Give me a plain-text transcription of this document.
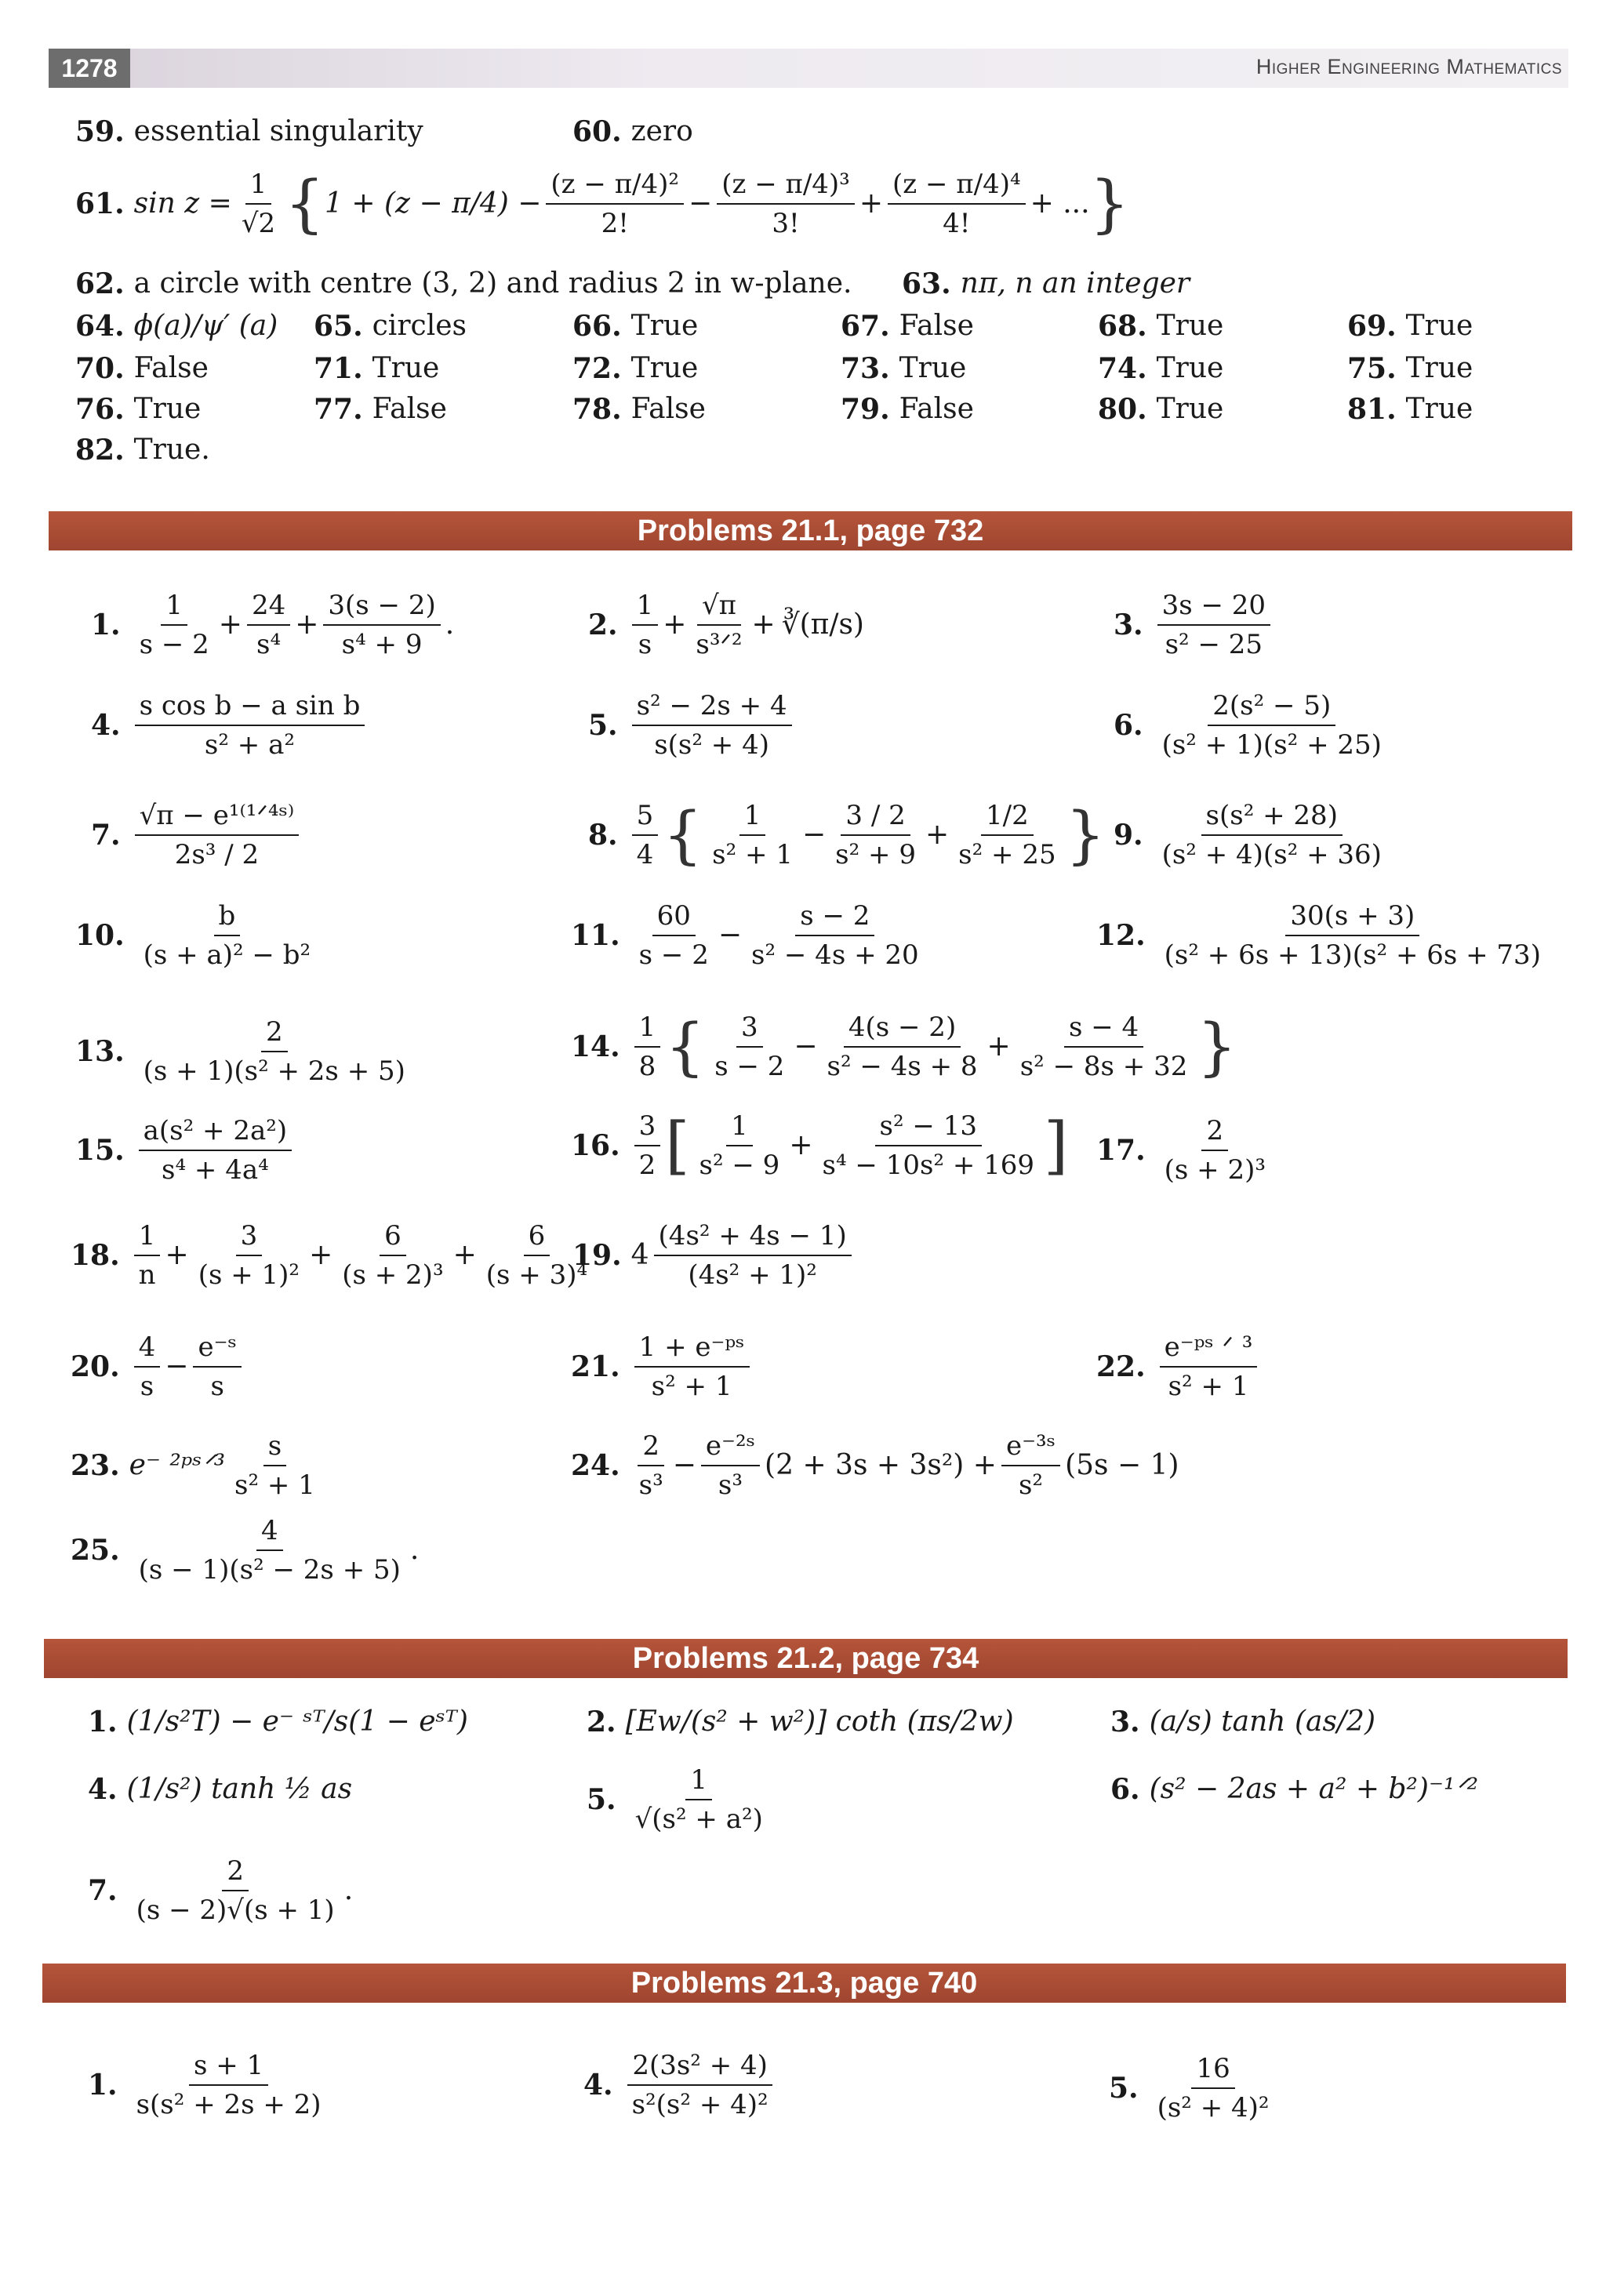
1278	Higher Engineering Mathematics
59. essential singularity	60. zero
61. $\sin z = \frac{1}{√2}$ { $1 + (z - \pi/4) - \frac{\text{(z − π/4)²}}{2!} - \frac{\text{(z − π/4)³}}{3!} + \frac{\text{(z − π/4)⁴}}{4!}$ + ... }
62. a circle with centre (3, 2) and radius 2 in w-plane. 63. nπ, n an integer
64. ϕ(a)/ψ′ (a) 65. circles	66. True	67. False	68. True	69. True
70. False	71. True	72. True	73. True	74. True	75. True
76. True	77. False	78. False	79. False	80. True	81. True
82. True.
Problems 21.1, page 732
1. $\frac{1}{s - 2} + \frac{24}{\text{s⁴}} + \frac{3(s - 2)}{\text{s⁴ + 9}}$ .	2. $\frac{1}{s} + \frac{√\pi}{\text{s³ᐟ²}}$ + ∛(π/s)	3. $\frac{3s - 20}{\text{s² − 25}}$
4. $\frac{\text{s cos b − a sin b}}{\text{s² + a²}}$	5. $\frac{\text{s² − 2s + 4}}{\text{s(s² + 4)}}$	6. $\frac{\text{2(s² − 5)}}{\text{(s² + 1)(s² + 25)}}$
7. $\frac{\text{√π − e¹⁽¹ᐟ⁴ˢ⁾}}{\text{2s³ / 2}}$	8. $\frac{5}{4}$ { $\frac{1}{\text{s² + 1}} - \frac{3 / 2}{\text{s² + 9}} + \frac{1/2}{\text{s² + 25}}$ } 9. $\frac{\text{s(s² + 28)}}{\text{(s² + 4)(s² + 36)}}$
10. $\frac{b}{\text{(s + a)² − b²}}$	11. $\frac{60}{s - 2} - \frac{s - 2}{\text{s² − 4s + 20}}$	12. $\frac{30(s + 3)}{\text{(s² + 6s + 13)(s² + 6s + 73)}}$
13. $\frac{2}{\text{(s + 1)(s² + 2s + 5)}}$	14. $\frac{1}{8}$ { $\frac{3}{s - 2} - \frac{4(s - 2)}{\text{s² − 4s + 8}} + \frac{s - 4}{\text{s² − 8s + 32}}$ }
15. $\frac{\text{a(s² + 2a²)}}{\text{s⁴ + 4a⁴}}$	16. $\frac{3}{2}$ [ $\frac{1}{\text{s² − 9}} + \frac{\text{s² − 13}}{\text{s⁴ − 10s² + 169}}$ ] 17. $\frac{2}{\text{(s + 2)³}}$
18. $\frac{1}{n} + \frac{3}{\text{(s + 1)²}} + \frac{6}{\text{(s + 2)³}} + \frac{6}{\text{(s + 3)⁴}}$
19. $4 \frac{\text{(4s² + 4s − 1)}}{\text{(4s² + 1)²}}$
20. $\frac{4}{s} - \frac{\text{e⁻ˢ}}{s}$	21. $\frac{\text{1 + e⁻ᵖˢ}}{\text{s² + 1}}$	22. $\frac{\text{e⁻ᵖˢ ᐟ ³}}{\text{s² + 1}}$
23. e⁻ ²ᵖˢᐟ³ $\frac{s}{\text{s² + 1}}$	24. $\frac{2}{\text{s³}} - \frac{\text{e⁻²ˢ}}{\text{s³}} (2 + 3s + 3s^2) + \frac{\text{e⁻³ˢ}}{\text{s²}} (5s - 1)$
25. $\frac{4}{\text{(s − 1)(s² − 2s + 5)}}$ .
Problems 21.2, page 734
1. (1/s²T) − e⁻ ˢᵀ/s(1 − eˢᵀ)	2. [Ew/(s² + w²)] coth (πs/2w)	3. (a/s) tanh (as/2)
4. (1/s²) tanh ½ as	5. $\frac{1}{\text{√(s² + a²)}}$	6. (s² − 2as + a² + b²)⁻¹ᐟ²
7. $\frac{2}{(s - 2)√(s + 1)}$ .
Problems 21.3, page 740
1. $\frac{s + 1}{\text{s(s² + 2s + 2)}}$	4. $\frac{\text{2(3s² + 4)}}{\text{s²(s² + 4)²}}$	5. $\frac{16}{\text{(s² + 4)²}}$
